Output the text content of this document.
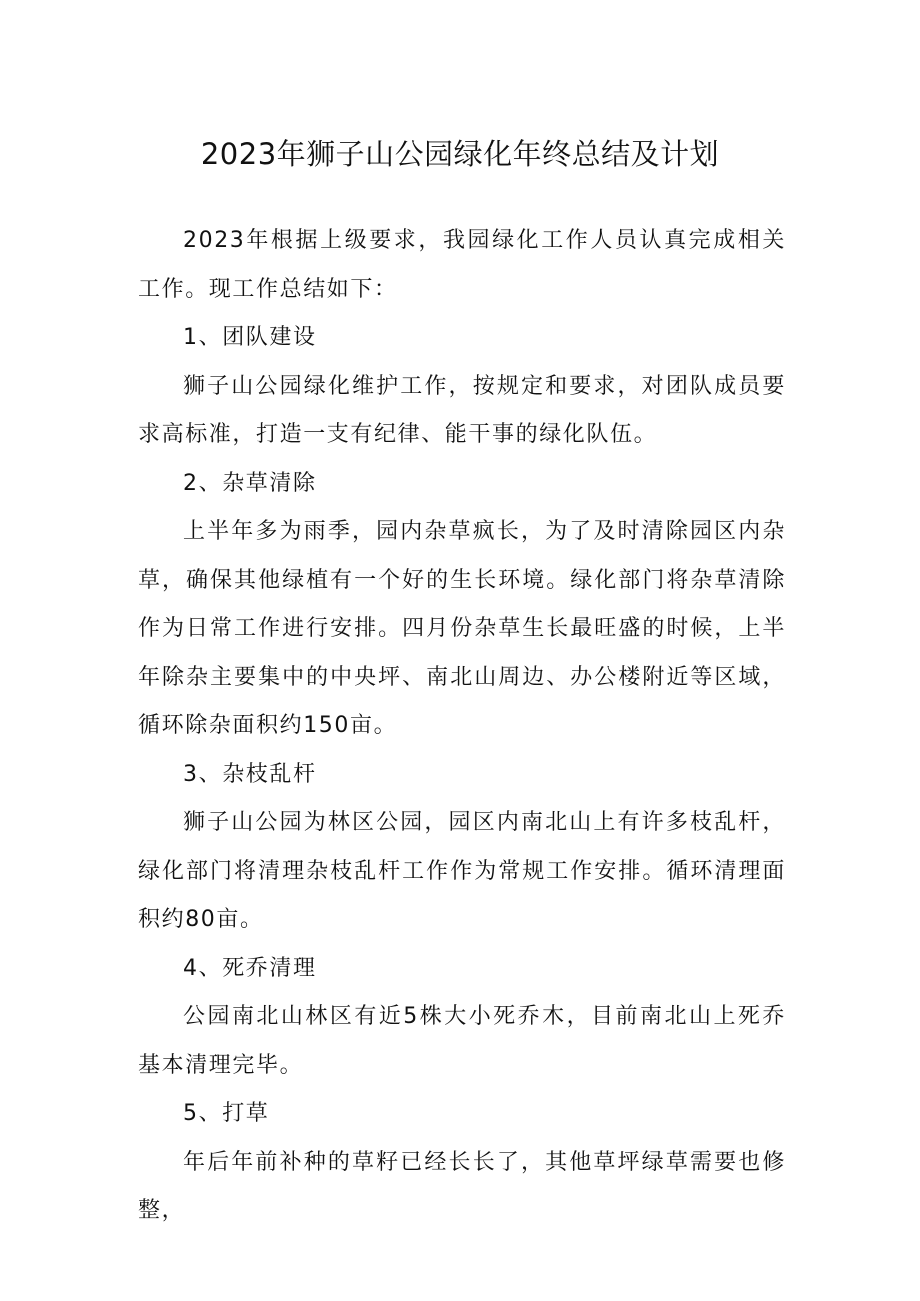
2023年狮子山公园绿化年终总结及计划

2023年根据上级要求，我园绿化工作人员认真完成相关工作。现工作总结如下：

1、团队建设

狮子山公园绿化维护工作，按规定和要求，对团队成员要求高标准，打造一支有纪律、能干事的绿化队伍。

2、杂草清除

上半年多为雨季，园内杂草疯长，为了及时清除园区内杂草，确保其他绿植有一个好的生长环境。绿化部门将杂草清除作为日常工作进行安排。四月份杂草生长最旺盛的时候，上半年除杂主要集中的中央坪、南北山周边、办公楼附近等区域，循环除杂面积约150亩。

3、杂枝乱杆

狮子山公园为林区公园，园区内南北山上有许多枝乱杆，绿化部门将清理杂枝乱杆工作作为常规工作安排。循环清理面积约80亩。

4、死乔清理

公园南北山林区有近5株大小死乔木，目前南北山上死乔基本清理完毕。

5、打草

年后年前补种的草籽已经长长了，其他草坪绿草需要也修整，
